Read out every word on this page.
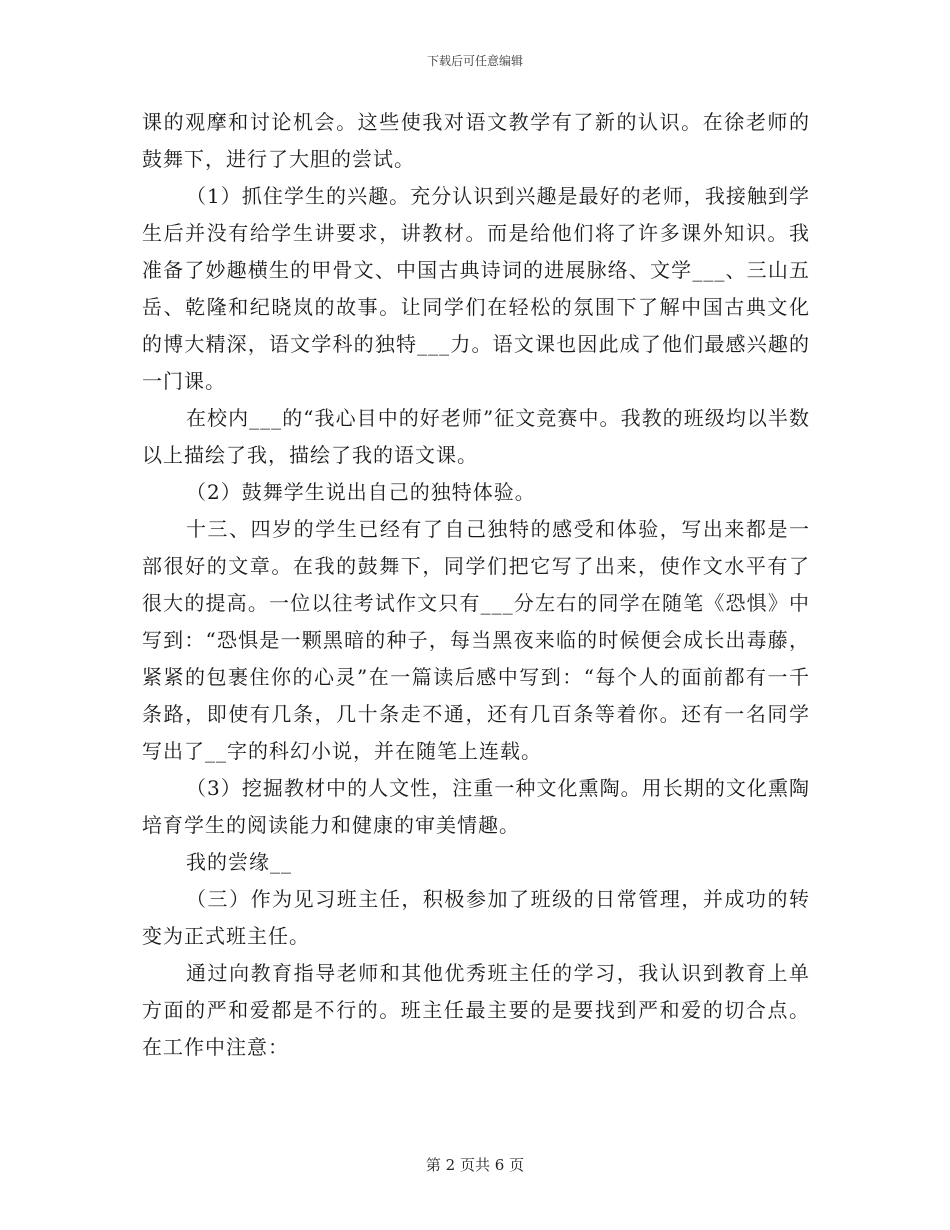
下载后可任意编辑

课的观摩和讨论机会。这些使我对语文教学有了新的认识。在徐老师的鼓舞下，进行了大胆的尝试。

（1）抓住学生的兴趣。充分认识到兴趣是最好的老师，我接触到学生后并没有给学生讲要求，讲教材。而是给他们将了许多课外知识。我准备了妙趣横生的甲骨文、中国古典诗词的进展脉络、文学___、三山五岳、乾隆和纪晓岚的故事。让同学们在轻松的氛围下了解中国古典文化的博大精深，语文学科的独特___力。语文课也因此成了他们最感兴趣的一门课。

在校内___的“我心目中的好老师”征文竞赛中。我教的班级均以半数以上描绘了我，描绘了我的语文课。

（2）鼓舞学生说出自己的独特体验。

十三、四岁的学生已经有了自己独特的感受和体验，写出来都是一部很好的文章。在我的鼓舞下，同学们把它写了出来，使作文水平有了很大的提高。一位以往考试作文只有___分左右的同学在随笔《恐惧》中写到：“恐惧是一颗黑暗的种子，每当黑夜来临的时候便会成长出毒藤，紧紧的包裹住你的心灵”在一篇读后感中写到：“每个人的面前都有一千条路，即使有几条，几十条走不通，还有几百条等着你。还有一名同学写出了__字的科幻小说，并在随笔上连载。

（3）挖掘教材中的人文性，注重一种文化熏陶。用长期的文化熏陶培育学生的阅读能力和健康的审美情趣。

我的尝缘__

（三）作为见习班主任，积极参加了班级的日常管理，并成功的转变为正式班主任。

通过向教育指导老师和其他优秀班主任的学习，我认识到教育上单方面的严和爱都是不行的。班主任最主要的是要找到严和爱的切合点。在工作中注意：

第 2 页共 6 页
